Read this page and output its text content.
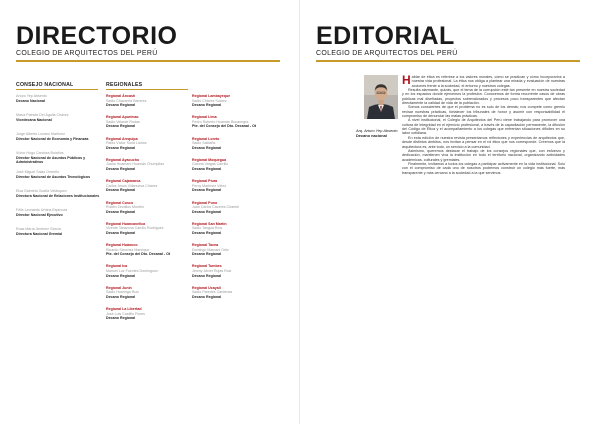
DIRECTORIO
COLEGIO DE ARQUITECTOS DEL PERÚ
CONSEJO NACIONAL
Arturo Yep Absento
Decano Nacional
María Patricia Del Águila Chávez
Vicedecana Nacional
Jorge Alberto Lozano Martínez
Director Nacional de Economía y Finanzas
Víctor Hugo Cardoza Bolaños
Director Nacional de Asuntos Públicos y Administrativos
José Miguel Salas Ormeño
Director Nacional de Asuntos Tecnológicos
Elsa Gabriela Ocaña Velásquez
Directora Nacional de Relaciones Institucionales
Félix Leonardo Urbina Espinoza
Director Nacional Ejecutivo
Rosa María Jiménez García
Directora Nacional Gremial
REGIONALES
Regional Áncash
Sadio Chavarría Ramírez
Decano Regional
Regional Apurímac
Sadio Velarde Rodas
Decano Regional
Regional Arequipa
Pablo Víctor Soria Llanos
Decano Regional
Regional Ayacucho
Juana Huamaní Huamán Chumpitaz
Decano Regional
Regional Cajamarca
Carlos Jesús Villanueva Chávez
Decano Regional
Regional Cusco
Rubén Zevallos Montes
Decano Regional
Regional Huancavelica
Vicente Tarazona Carrillo Rodríguez
Decano Regional
Regional Huánuco
Ricardo Sánchez Manrique
Pte. del Consejo del Dto. Decanal - Ot
Regional Ica
Manuel Luz Fuentes Domínguez
Decano Regional
Regional Junín
Sadio Huaringa Ruiz
Decano Regional
Regional La Libertad
José Luis Castillo Flores
Decano Regional
Regional Lambayeque
Sadio Chávez Suárez
Decano Regional
Regional Lima
Pedro Roberto Huamán Bocanegra
Pte. del Consejo del Dto. Decanal - Ot
Regional Loreto
Sadio Saldaña
Decano Regional
Regional Moquegua
Gianna Vargas Carrillo
Decano Regional
Regional Piura
Percy Martínez Vélez
Decano Regional
Regional Puno
Juan Carlos Cáceres Chambi
Decano Regional
Regional San Martín
Sadio Tangoa Ríos
Decano Regional
Regional Tacna
Domingo Mamani Ortiz
Decano Regional
Regional Tumbes
Jimmy Javier Rojas Ruiz
Decano Regional
Regional Ucayali
Sadio Paredes Cárdenas
Decano Regional
EDITORIAL
COLEGIO DE ARQUITECTOS DEL PERÚ
Arq. Arturo Yep Absento
Decano nacional

Hablar de ética es referirse a los valores morales, cómo se practican y cómo incorporarlos a nuestra vida profesional. La ética nos obliga a plantear una mirada y evaluación de nuestras acciones frente a la sociedad, el entorno y nuestros colegas.

Resulta alarmante, quizás, que el tema de la corrupción esté tan presente en nuestra sociedad y en los espacios donde ejercemos la profesión. Conocemos de forma recurrente casos de obras públicas mal diseñadas, proyectos sobrevalorados y procesos poco transparentes que afectan directamente la calidad de vida de la población.

Somos conscientes de que el problema no es solo de los demás; nos compete como gremio revisar nuestras prácticas, fortalecer los tribunales de honor y asumir con responsabilidad el compromiso de denunciar las malas prácticas.

A nivel institucional, el Colegio de Arquitectos del Perú viene trabajando para promover una cultura de integridad en el ejercicio profesional, a través de la capacitación permanente, la difusión del Código de Ética y el acompañamiento a los colegas que enfrentan situaciones difíciles en su labor cotidiana.

En esta edición de nuestra revista presentamos reflexiones y experiencias de arquitectos que, desde distintos ámbitos, nos invitan a pensar en el rol ético que nos corresponde. Creemos que la arquitectura es, ante todo, un servicio a la comunidad.

Asimismo, queremos destacar el trabajo de los consejos regionales que, con esfuerzo y dedicación, mantienen viva la institución en todo el territorio nacional, organizando actividades académicas, culturales y gremiales.

Finalmente, invitamos a todos los colegas a participar activamente en la vida institucional. Solo con el compromiso de cada uno de nosotros podremos construir un colegio más fuerte, más transparente y más cercano a la sociedad a la que servimos.
